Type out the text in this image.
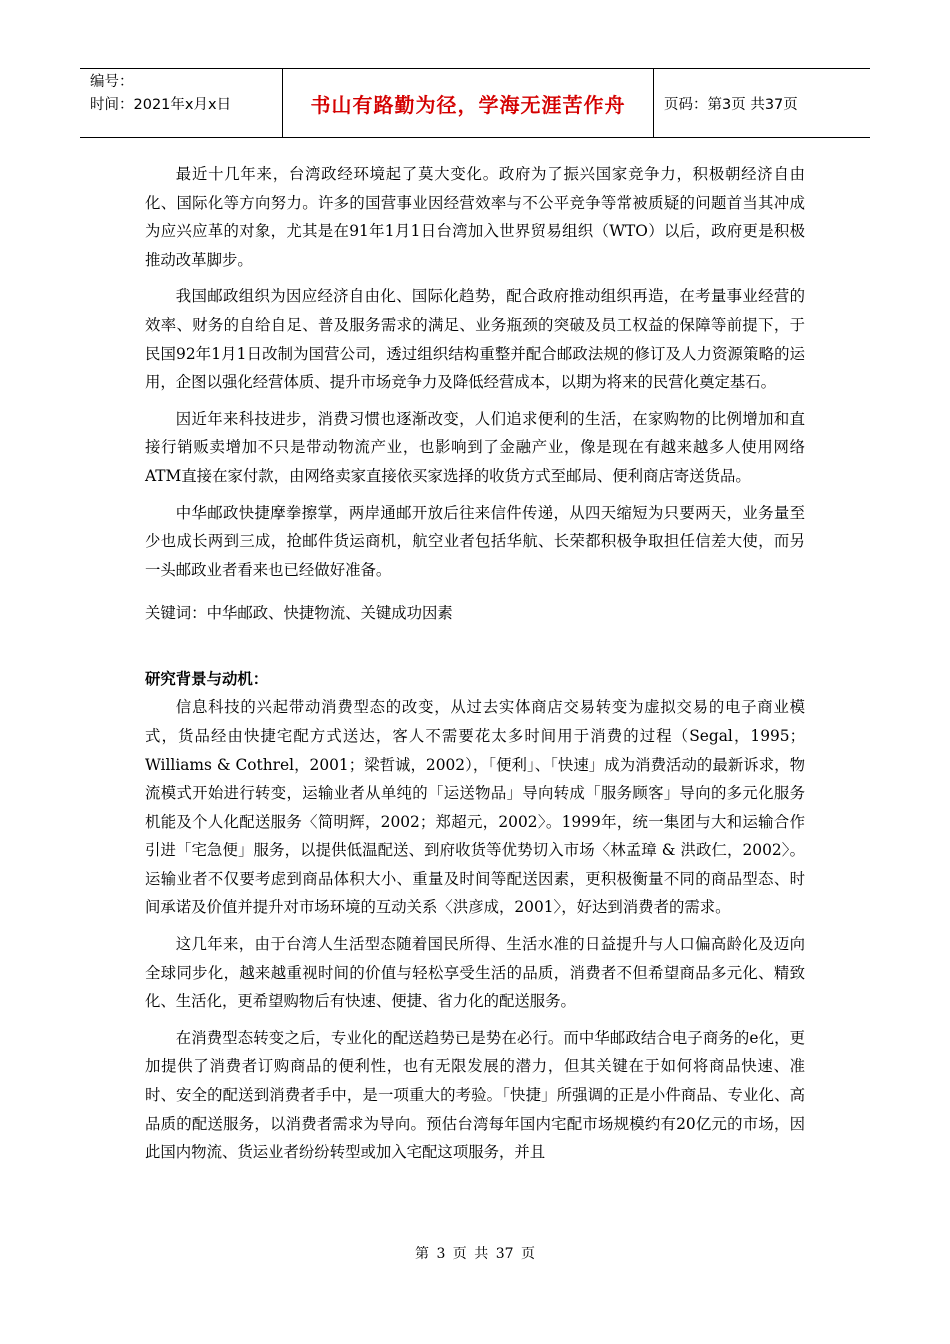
编号：
时间：2021年x月x日	书山有路勤为径，学海无涯苦作舟	页码：第3页 共37页

最近十几年来，台湾政经环境起了莫大变化。政府为了振兴国家竞争力，积极朝经济自由化、国际化等方向努力。许多的国营事业因经营效率与不公平竞争等常被质疑的问题首当其冲成为应兴应革的对象，尤其是在91年1月1日台湾加入世界贸易组织（WTO）以后，政府更是积极推动改革脚步。

我国邮政组织为因应经济自由化、国际化趋势，配合政府推动组织再造，在考量事业经营的效率、财务的自给自足、普及服务需求的满足、业务瓶颈的突破及员工权益的保障等前提下，于民国92年1月1日改制为国营公司，透过组织结构重整并配合邮政法规的修订及人力资源策略的运用，企图以强化经营体质、提升市场竞争力及降低经营成本，以期为将来的民营化奠定基石。

因近年来科技进步，消费习惯也逐渐改变，人们追求便利的生活，在家购物的比例增加和直接行销贩卖增加不只是带动物流产业，也影响到了金融产业，像是现在有越来越多人使用网络ATM直接在家付款，由网络卖家直接依买家选择的收货方式至邮局、便利商店寄送货品。

中华邮政快捷摩拳擦掌，两岸通邮开放后往来信件传递，从四天缩短为只要两天，业务量至少也成长两到三成，抢邮件货运商机，航空业者包括华航、长荣都积极争取担任信差大使，而另一头邮政业者看来也已经做好准备。

关键词：中华邮政、快捷物流、关键成功因素
研究背景与动机：

信息科技的兴起带动消费型态的改变，从过去实体商店交易转变为虚拟交易的电子商业模式，货品经由快捷宅配方式送达，客人不需要花太多时间用于消费的过程（Segal，1995；Williams & Cothrel，2001；梁哲诚，2002），「便利」、「快速」成为消费活动的最新诉求，物流模式开始进行转变，运输业者从单纯的「运送物品」导向转成「服务顾客」导向的多元化服务机能及个人化配送服务〈简明辉，2002；郑超元，2002〉。1999年，统一集团与大和运输合作引进「宅急便」服务，以提供低温配送、到府收货等优势切入市场〈林孟璋 & 洪政仁，2002〉。运输业者不仅要考虑到商品体积大小、重量及时间等配送因素，更积极衡量不同的商品型态、时间承诺及价值并提升对市场环境的互动关系〈洪彦成，2001〉，好达到消费者的需求。

这几年来，由于台湾人生活型态随着国民所得、生活水准的日益提升与人口偏高龄化及迈向全球同步化，越来越重视时间的价值与轻松享受生活的品质，消费者不但希望商品多元化、精致化、生活化，更希望购物后有快速、便捷、省力化的配送服务。

在消费型态转变之后，专业化的配送趋势已是势在必行。而中华邮政结合电子商务的e化，更加提供了消费者订购商品的便利性，也有无限发展的潜力，但其关键在于如何将商品快速、准时、安全的配送到消费者手中，是一项重大的考验。「快捷」所强调的正是小件商品、专业化、高品质的配送服务，以消费者需求为导向。预估台湾每年国内宅配市场规模约有20亿元的市场，因此国内物流、货运业者纷纷转型或加入宅配这项服务，并且

第 3 页 共 37 页
